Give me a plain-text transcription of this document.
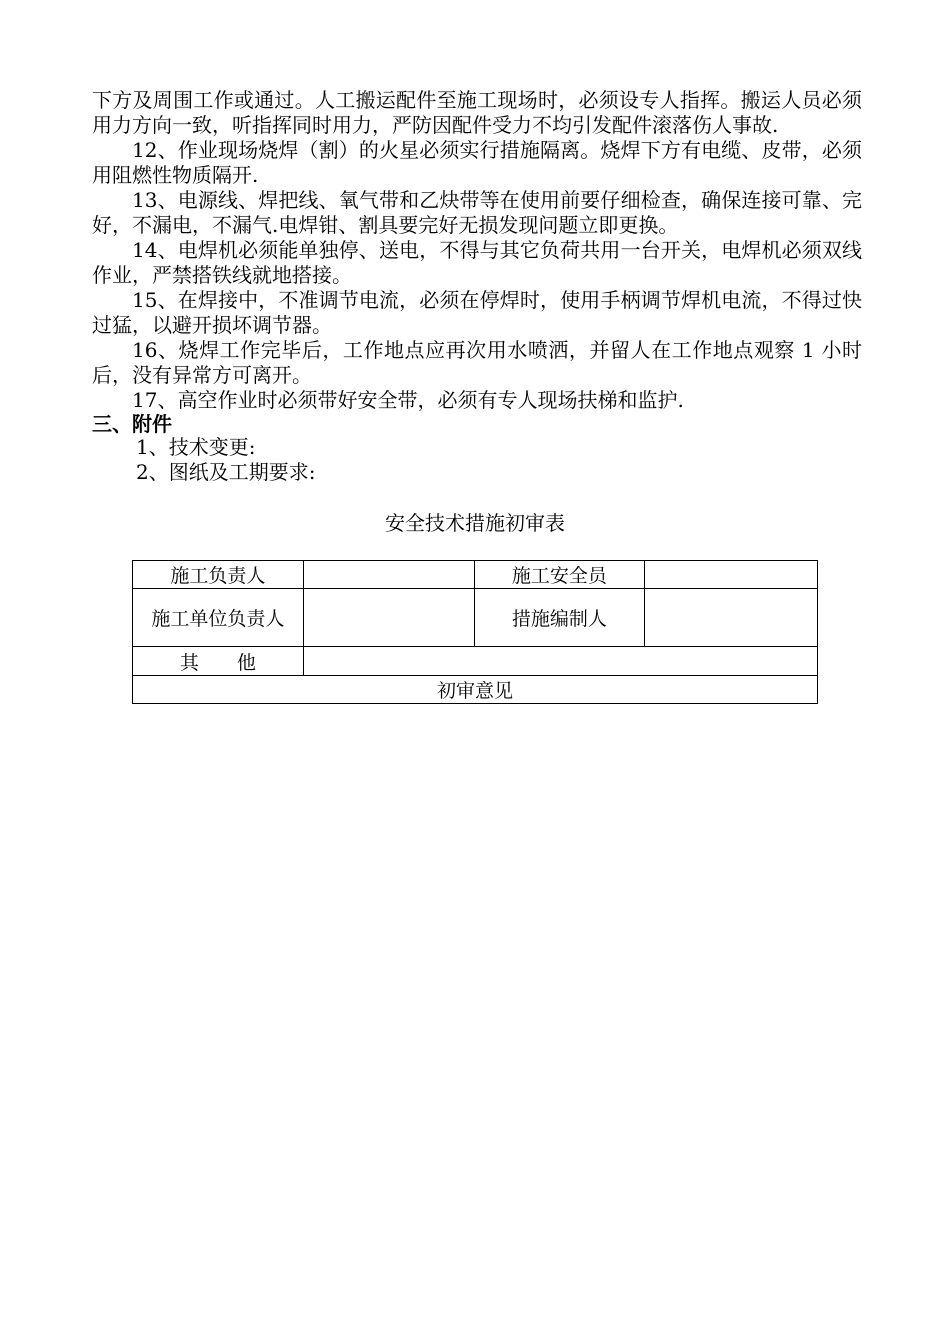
下方及周围工作或通过。人工搬运配件至施工现场时，必须设专人指挥。搬运人员必须用力方向一致，听指挥同时用力，严防因配件受力不均引发配件滚落伤人事故.

12、作业现场烧焊（割）的火星必须实行措施隔离。烧焊下方有电缆、皮带，必须用阻燃性物质隔开.

13、电源线、焊把线、氧气带和乙炔带等在使用前要仔细检查，确保连接可靠、完好，不漏电，不漏气.电焊钳、割具要完好无损发现问题立即更换。

14、电焊机必须能单独停、送电，不得与其它负荷共用一台开关，电焊机必须双线作业，严禁搭铁线就地搭接。

15、在焊接中，不准调节电流，必须在停焊时，使用手柄调节焊机电流，不得过快过猛，以避开损坏调节器。

16、烧焊工作完毕后，工作地点应再次用水喷洒，并留人在工作地点观察 1 小时后，没有异常方可离开。

17、高空作业时必须带好安全带，必须有专人现场扶梯和监护.

三、附件

1、技术变更:

2、图纸及工期要求:

安全技术措施初审表
施工负责人		施工安全员	
施工单位负责人		措施编制人	
其　　他			
初审意见			
